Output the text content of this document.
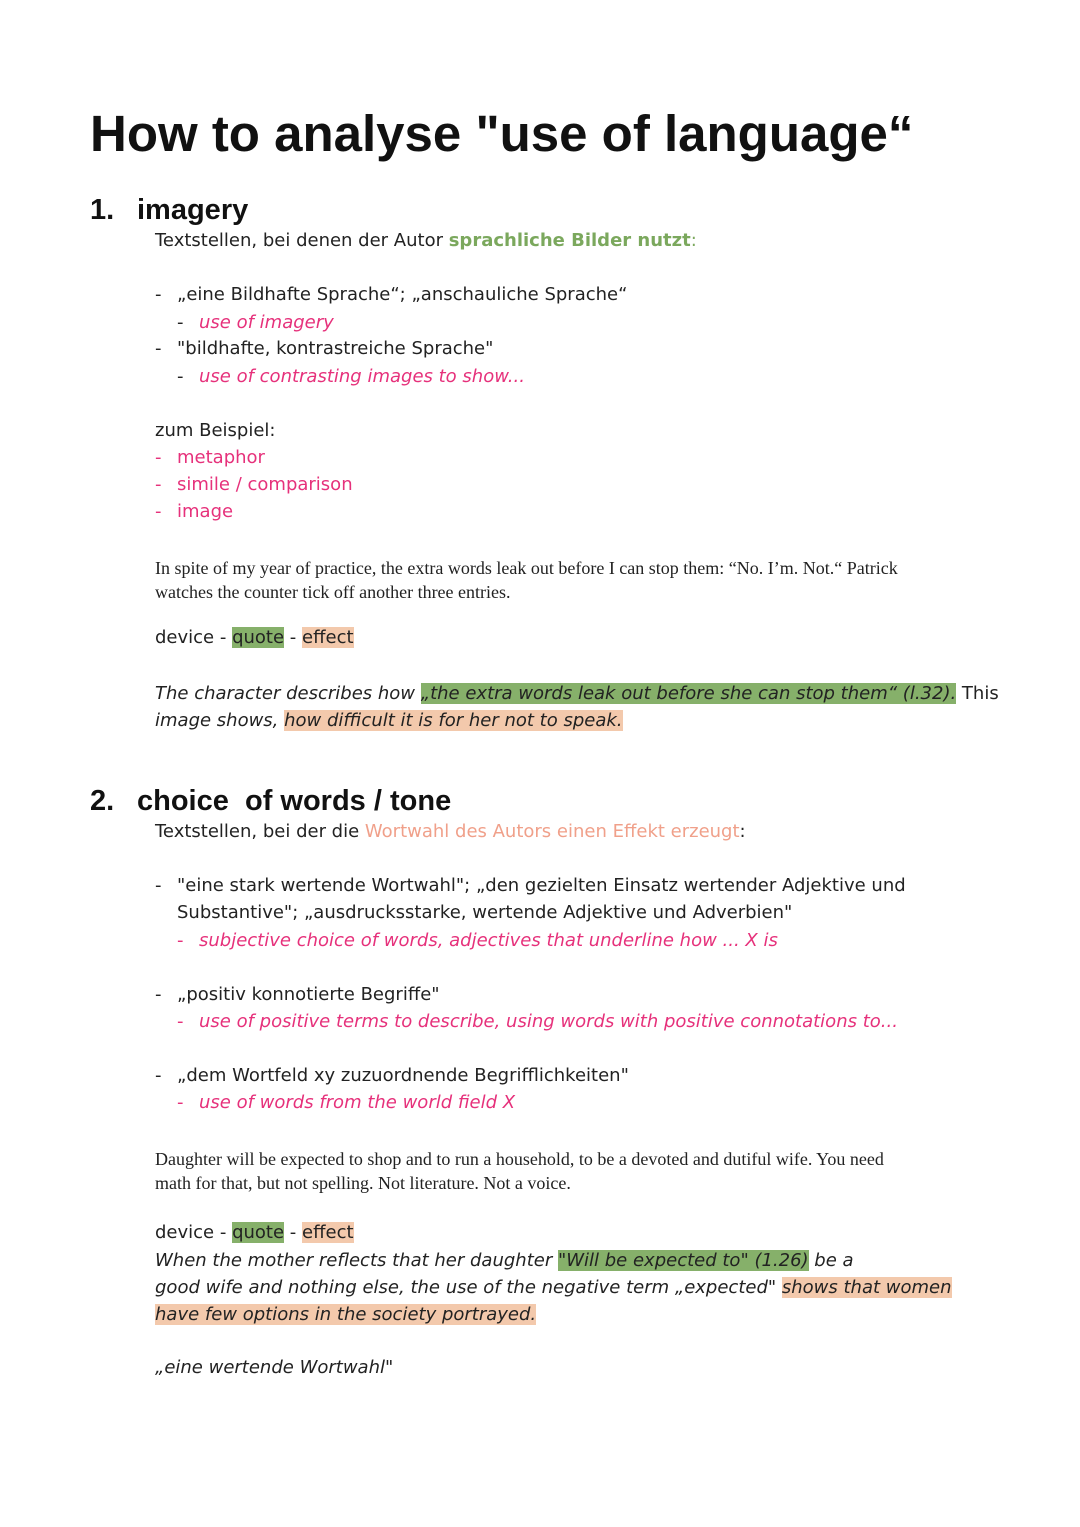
How to analyse "use of language“
1. imagery
Textstellen, bei denen der Autor sprachliche Bilder nutzt:
- „eine Bildhafte Sprache“; „anschauliche Sprache“
- use of imagery
- "bildhafte, kontrastreiche Sprache"
- use of contrasting images to show...
zum Beispiel:
- metaphor
- simile / comparison
- image
In spite of my year of practice, the extra words leak out before I can stop them: “No. I’m. Not.“ Patrick
watches the counter tick off another three entries.
device - quote - effect
The character describes how „the extra words leak out before she can stop them“ (l.32). This
image shows, how difficult it is for her not to speak.
2. choice  of words / tone
Textstellen, bei der die Wortwahl des Autors einen Effekt erzeugt:
- "eine stark wertende Wortwahl"; „den gezielten Einsatz wertender Adjektive und
Substantive"; „ausdrucksstarke, wertende Adjektive und Adverbien"
- subjective choice of words, adjectives that underline how ... X is
- „positiv konnotierte Begriffe"
- use of positive terms to describe, using words with positive connotations to...
- „dem Wortfeld xy zuzuordnende Begrifflichkeiten"
- use of words from the world field X
Daughter will be expected to shop and to run a household, to be a devoted and dutiful wife. You need
math for that, but not spelling. Not literature. Not a voice.
device - quote - effect
When the mother reflects that her daughter "Will be expected to" (1.26) be a
good wife and nothing else, the use of the negative term „expected" shows that women
have few options in the society portrayed.
„eine wertende Wortwahl"
